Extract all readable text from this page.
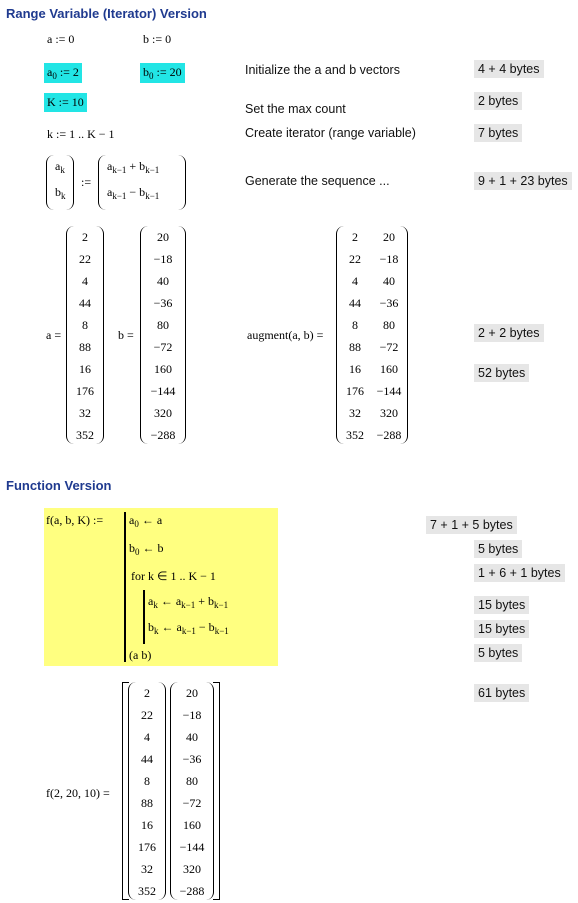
Range Variable (Iterator) Version
a := 0	b := 0
$a_0$ := 2	$b_0$ := 20
K := 10
k := 1 .. K − 1
$a_k$
$b_k$
:=
$a_{k-1} + b_{k-1}$
$a_{k-1} - b_{k-1}$
Initialize the a and b vectors
Set the max count
Create iterator (range variable)
Generate the sequence ...
4 + 4 bytes
2 bytes
7 bytes
9 + 1 + 23 bytes
2 + 2 bytes
52 bytes
a =
2
22
4
44
8
88
16
176
32
352
b =
20
−18
40
−36
80
−72
160
−144
320
−288
augment(a, b) =
2
22
4
44
8
88
16
176
32
352
20
−18
40
−36
80
−72
160
−144
320
−288
Function Version
f(a, b, K) := $a_0$ ← a
$b_0$ ← b
for k ∈ 1 .. K − 1
$a_k$ ← $a_{k-1} + b_{k-1}$
$b_k$ ← $a_{k-1} - b_{k-1}$
(a b)
7 + 1 + 5 bytes
5 bytes
1 + 6 + 1 bytes
15 bytes
15 bytes
5 bytes
61 bytes
f(2, 20, 10) =
2
22
4
44
8
88
16
176
32
352
20
−18
40
−36
80
−72
160
−144
320
−288
